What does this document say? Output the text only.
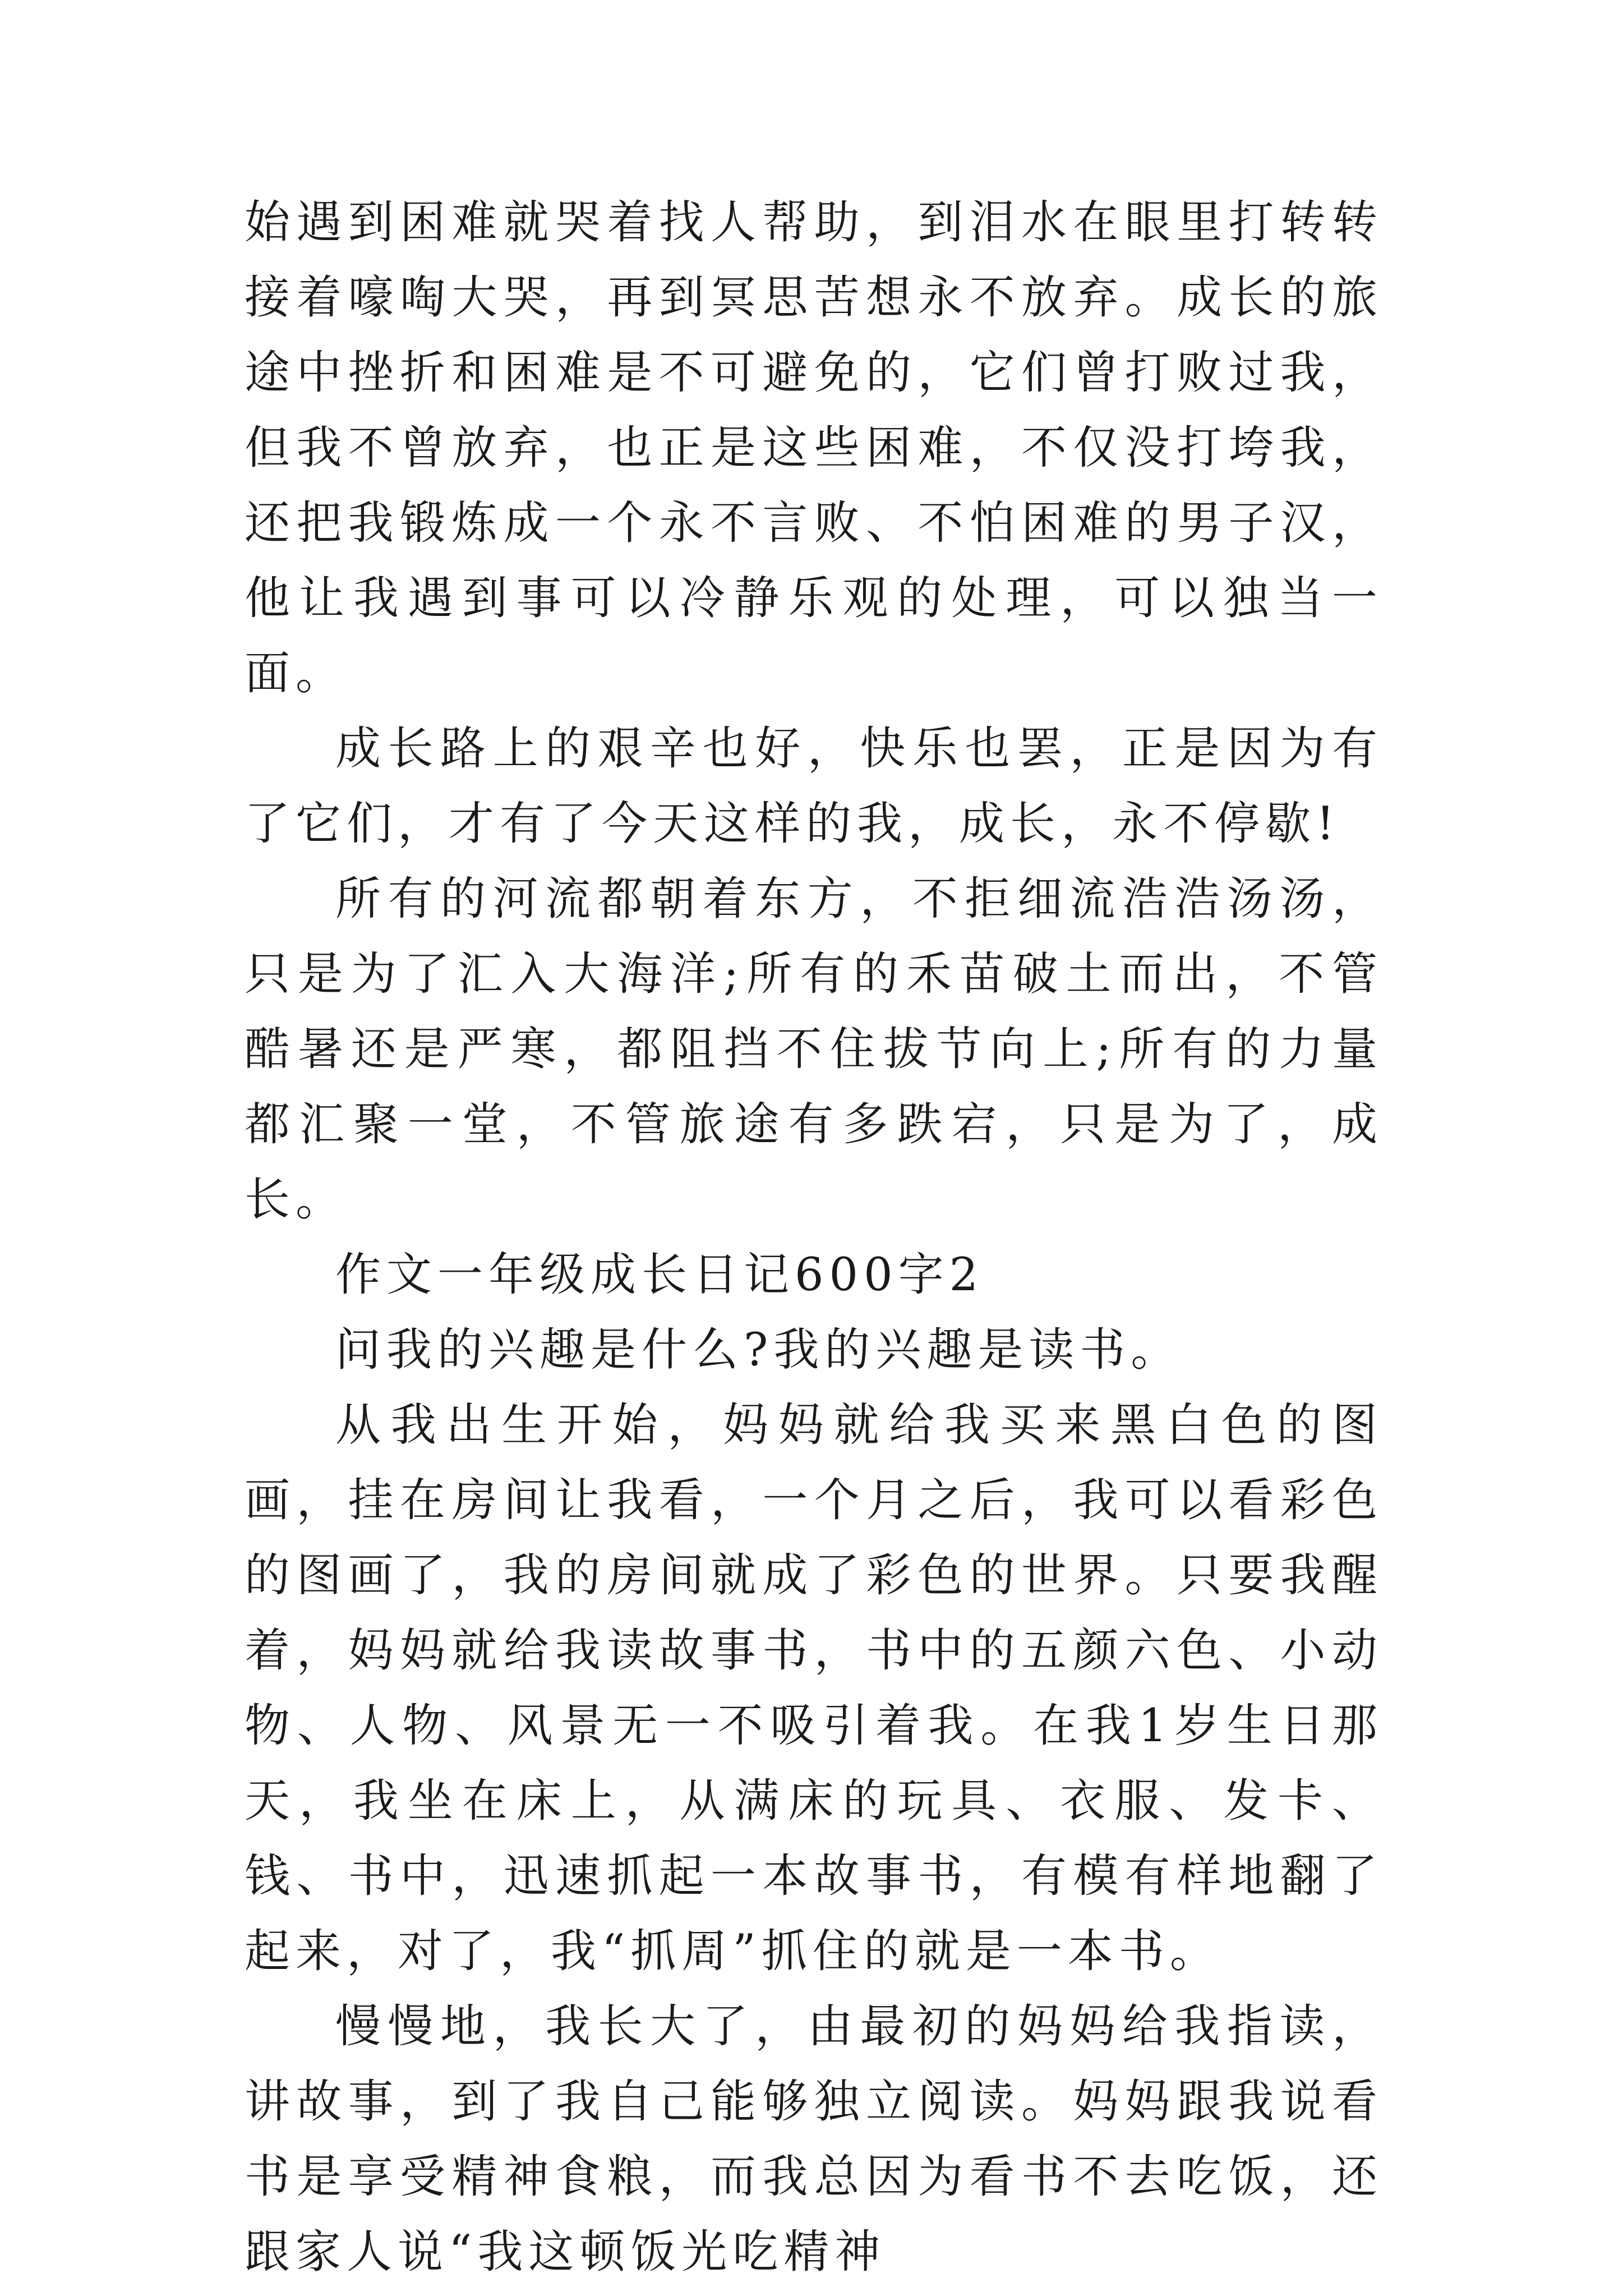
始遇到困难就哭着找人帮助，到泪水在眼里打转转接着嚎啕大哭，再到冥思苦想永不放弃。成长的旅途中挫折和困难是不可避免的，它们曾打败过我，但我不曾放弃，也正是这些困难，不仅没打垮我，还把我锻炼成一个永不言败、不怕困难的男子汉，他让我遇到事可以冷静乐观的处理，可以独当一面。

成长路上的艰辛也好，快乐也罢，正是因为有了它们，才有了今天这样的我，成长，永不停歇!

所有的河流都朝着东方，不拒细流浩浩汤汤，只是为了汇入大海洋;所有的禾苗破土而出，不管酷暑还是严寒，都阻挡不住拔节向上;所有的力量都汇聚一堂，不管旅途有多跌宕，只是为了，成长。

作文一年级成长日记600字2

问我的兴趣是什么?我的兴趣是读书。

从我出生开始，妈妈就给我买来黑白色的图画，挂在房间让我看，一个月之后，我可以看彩色的图画了，我的房间就成了彩色的世界。只要我醒着，妈妈就给我读故事书，书中的五颜六色、小动物、人物、风景无一不吸引着我。在我1岁生日那天，我坐在床上，从满床的玩具、衣服、发卡、钱、书中，迅速抓起一本故事书，有模有样地翻了起来，对了，我“抓周”抓住的就是一本书。

慢慢地，我长大了，由最初的妈妈给我指读，讲故事，到了我自己能够独立阅读。妈妈跟我说看书是享受精神食粮，而我总因为看书不去吃饭，还跟家人说“我这顿饭光吃精神
